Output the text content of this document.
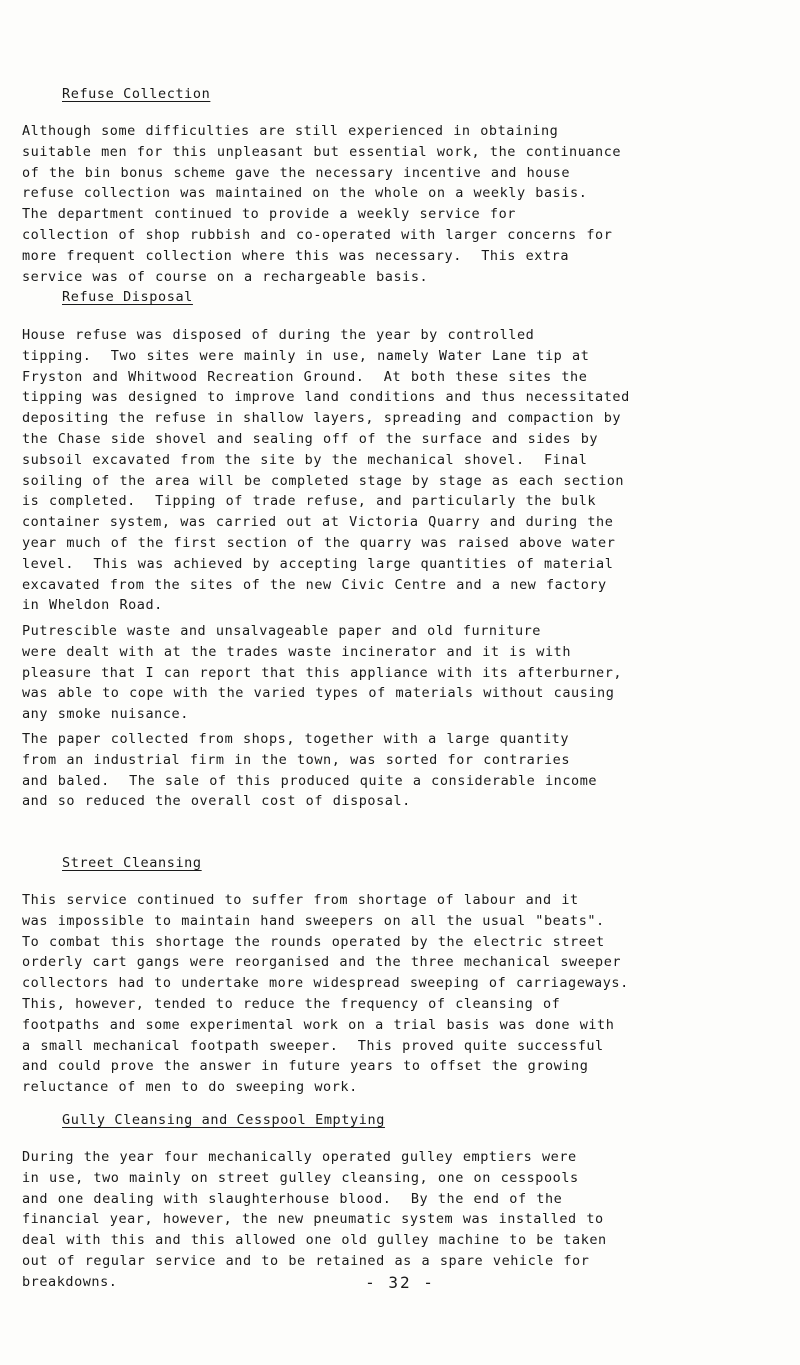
Refuse Collection
Although some difficulties are still experienced in obtaining
suitable men for this unpleasant but essential work, the continuance
of the bin bonus scheme gave the necessary incentive and house
refuse collection was maintained on the whole on a weekly basis.
The department continued to provide a weekly service for
collection of shop rubbish and co-operated with larger concerns for
more frequent collection where this was necessary.  This extra
service was of course on a rechargeable basis.
Refuse Disposal
House refuse was disposed of during the year by controlled
tipping.  Two sites were mainly in use, namely Water Lane tip at
Fryston and Whitwood Recreation Ground.  At both these sites the
tipping was designed to improve land conditions and thus necessitated
depositing the refuse in shallow layers, spreading and compaction by
the Chase side shovel and sealing off of the surface and sides by
subsoil excavated from the site by the mechanical shovel.  Final
soiling of the area will be completed stage by stage as each section
is completed.  Tipping of trade refuse, and particularly the bulk
container system, was carried out at Victoria Quarry and during the
year much of the first section of the quarry was raised above water
level.  This was achieved by accepting large quantities of material
excavated from the sites of the new Civic Centre and a new factory
in Wheldon Road.
Putrescible waste and unsalvageable paper and old furniture
were dealt with at the trades waste incinerator and it is with
pleasure that I can report that this appliance with its afterburner,
was able to cope with the varied types of materials without causing
any smoke nuisance.
The paper collected from shops, together with a large quantity
from an industrial firm in the town, was sorted for contraries
and baled.  The sale of this produced quite a considerable income
and so reduced the overall cost of disposal.
Street Cleansing
This service continued to suffer from shortage of labour and it
was impossible to maintain hand sweepers on all the usual "beats".
To combat this shortage the rounds operated by the electric street
orderly cart gangs were reorganised and the three mechanical sweeper
collectors had to undertake more widespread sweeping of carriageways.
This, however, tended to reduce the frequency of cleansing of
footpaths and some experimental work on a trial basis was done with
a small mechanical footpath sweeper.  This proved quite successful
and could prove the answer in future years to offset the growing
reluctance of men to do sweeping work.
Gully Cleansing and Cesspool Emptying
During the year four mechanically operated gulley emptiers were
in use, two mainly on street gulley cleansing, one on cesspools
and one dealing with slaughterhouse blood.  By the end of the
financial year, however, the new pneumatic system was installed to
deal with this and this allowed one old gulley machine to be taken
out of regular service and to be retained as a spare vehicle for
breakdowns.	- 32 -
